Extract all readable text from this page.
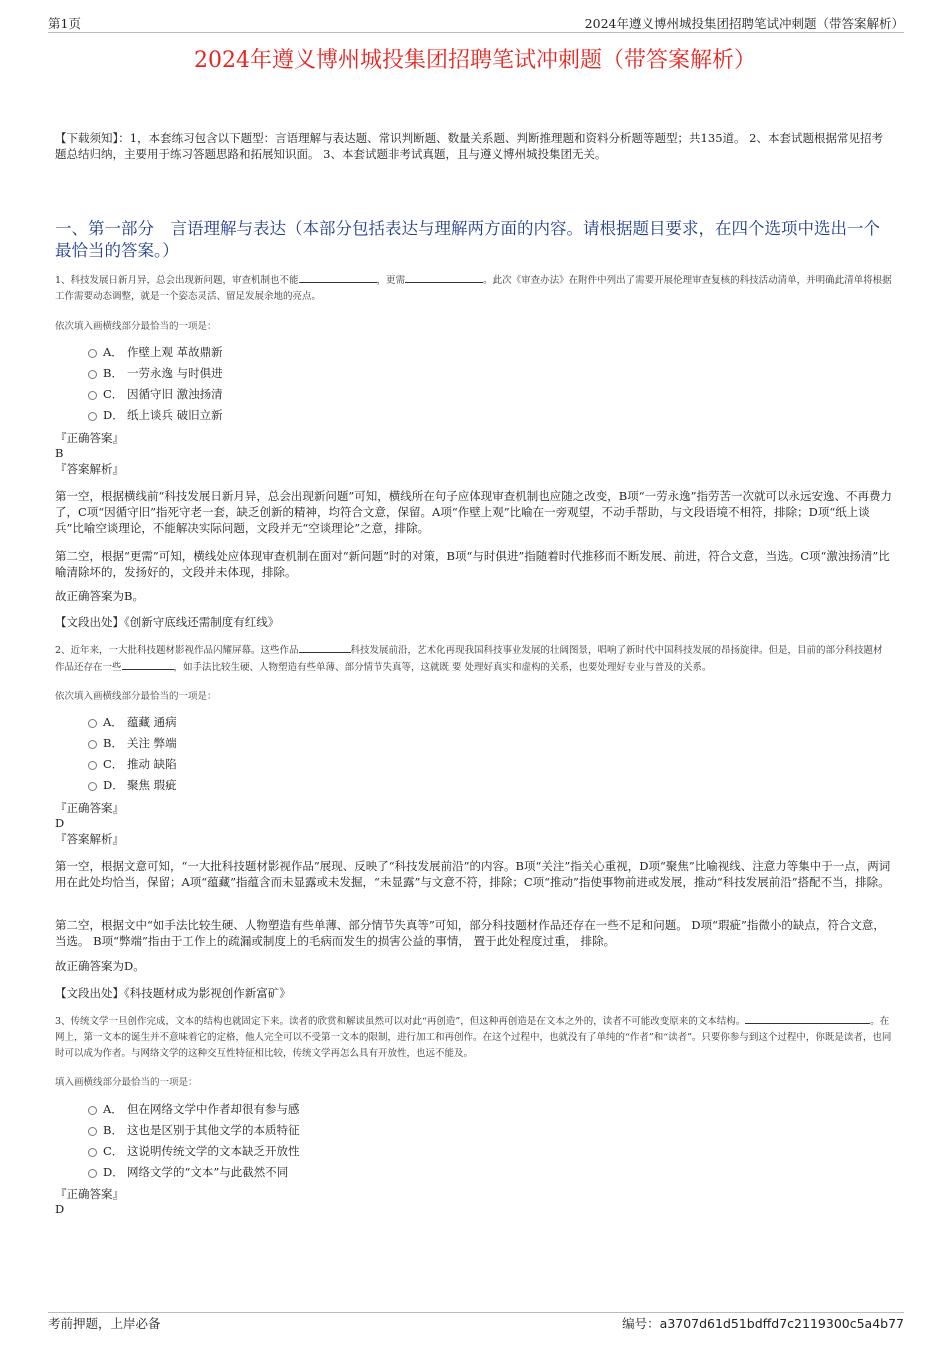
第1页	2024年遵义博州城投集团招聘笔试冲刺题（带答案解析）
2024年遵义博州城投集团招聘笔试冲刺题（带答案解析）
【下载须知】：1，本套练习包含以下题型：言语理解与表达题、常识判断题、数量关系题、判断推理题和资料分析题等题型；共135道。 2、本套试题根据常见招考题总结归纳，主要用于练习答题思路和拓展知识面。 3、本套试题非考试真题，且与遵义博州城投集团无关。
一、第一部分　言语理解与表达（本部分包括表达与理解两方面的内容。请根据题目要求，在四个选项中选出一个最恰当的答案。）
1、科技发展日新月异，总会出现新问题，审查机制也不能	，更需	。此次《审查办法》在附件中列出了需要开展伦理审查复核的科技活动清单，并明确此清单将根据工作需要动态调整，就是一个姿态灵活、留足发展余地的亮点。
依次填入画横线部分最恰当的一项是：
A． 作壁上观 革故鼎新
B． 一劳永逸 与时俱进
C． 因循守旧 激浊扬清
D． 纸上谈兵 破旧立新
『正确答案』
B
『答案解析』
第一空，根据横线前“科技发展日新月异，总会出现新问题”可知，横线所在句子应体现审查机制也应随之改变，B项“一劳永逸”指劳苦一次就可以永远安逸、不再费力了，C项“因循守旧”指死守老一套，缺乏创新的精神，均符合文意，保留。A项“作壁上观”比喻在一旁观望，不动手帮助，与文段语境不相符，排除；D项“纸上谈兵”比喻空谈理论，不能解决实际问题，文段并无“空谈理论”之意，排除。
第二空，根据“更需”可知，横线处应体现审查机制在面对“新问题”时的对策，B项“与时俱进”指随着时代推移而不断发展、前进，符合文意，当选。C项“激浊扬清”比喻清除坏的，发扬好的，文段并未体现，排除。
故正确答案为B。
【文段出处】《创新守底线还需制度有红线》
2、近年来，一大批科技题材影视作品闪耀屏幕。这些作品	科技发展前沿，艺术化再现我国科技事业发展的壮阔图景，唱响了新时代中国科技发展的昂扬旋律。但是，目前的部分科技题材作品还存在一些	，如手法比较生硬、人物塑造有些单薄、部分情节失真等，这就既 要 处理好真实和虚构的关系，也要处理好专业与普及的关系。
依次填入画横线部分最恰当的一项是：
A． 蕴藏 通病
B． 关注 弊端
C． 推动 缺陷
D． 聚焦 瑕疵
『正确答案』
D
『答案解析』
第一空，根据文意可知，“一大批科技题材影视作品”展现、反映了“科技发展前沿”的内容。B项“关注”指关心重视，D项“聚焦”比喻视线、注意力等集中于一点，两词用在此处均恰当，保留；A项“蕴藏”指蕴含而未显露或未发掘，“未显露”与文意不符，排除；C项“推动”指使事物前进或发展，推动“科技发展前沿”搭配不当，排除。
第二空，根据文中“如手法比较生硬、人物塑造有些单薄、部分情节失真等”可知，部分科技题材作品还存在一些不足和问题。 D项“瑕疵”指微小的缺点，符合文意，当选。 B项“弊端”指由于工作上的疏漏或制度上的毛病而发生的损害公益的事情， 置于此处程度过重， 排除。
故正确答案为D。
【文段出处】《科技题材成为影视创作新富矿》
3、传统文学一旦创作完成，文本的结构也就固定下来。读者的欣赏和解读虽然可以对此“再创造”，但这种再创造是在文本之外的，读者不可能改变原来的文本结构。	。在网上，第一文本的诞生并不意味着它的定格，他人完全可以不受第一文本的限制，进行加工和再创作。在这个过程中，也就没有了单纯的“作者”和“读者”。只要你参与到这个过程中，你既是读者，也同时可以成为作者。与网络文学的这种交互性特征相比较，传统文学再怎么具有开放性，也远不能及。
填入画横线部分最恰当的一项是：
A． 但在网络文学中作者却很有参与感
B． 这也是区别于其他文学的本质特征
C． 这说明传统文学的文本缺乏开放性
D． 网络文学的“文本”与此截然不同
『正确答案』
D
考前押题，上岸必备	编号：a3707d61d51bdffd7c2119300c5a4b77
